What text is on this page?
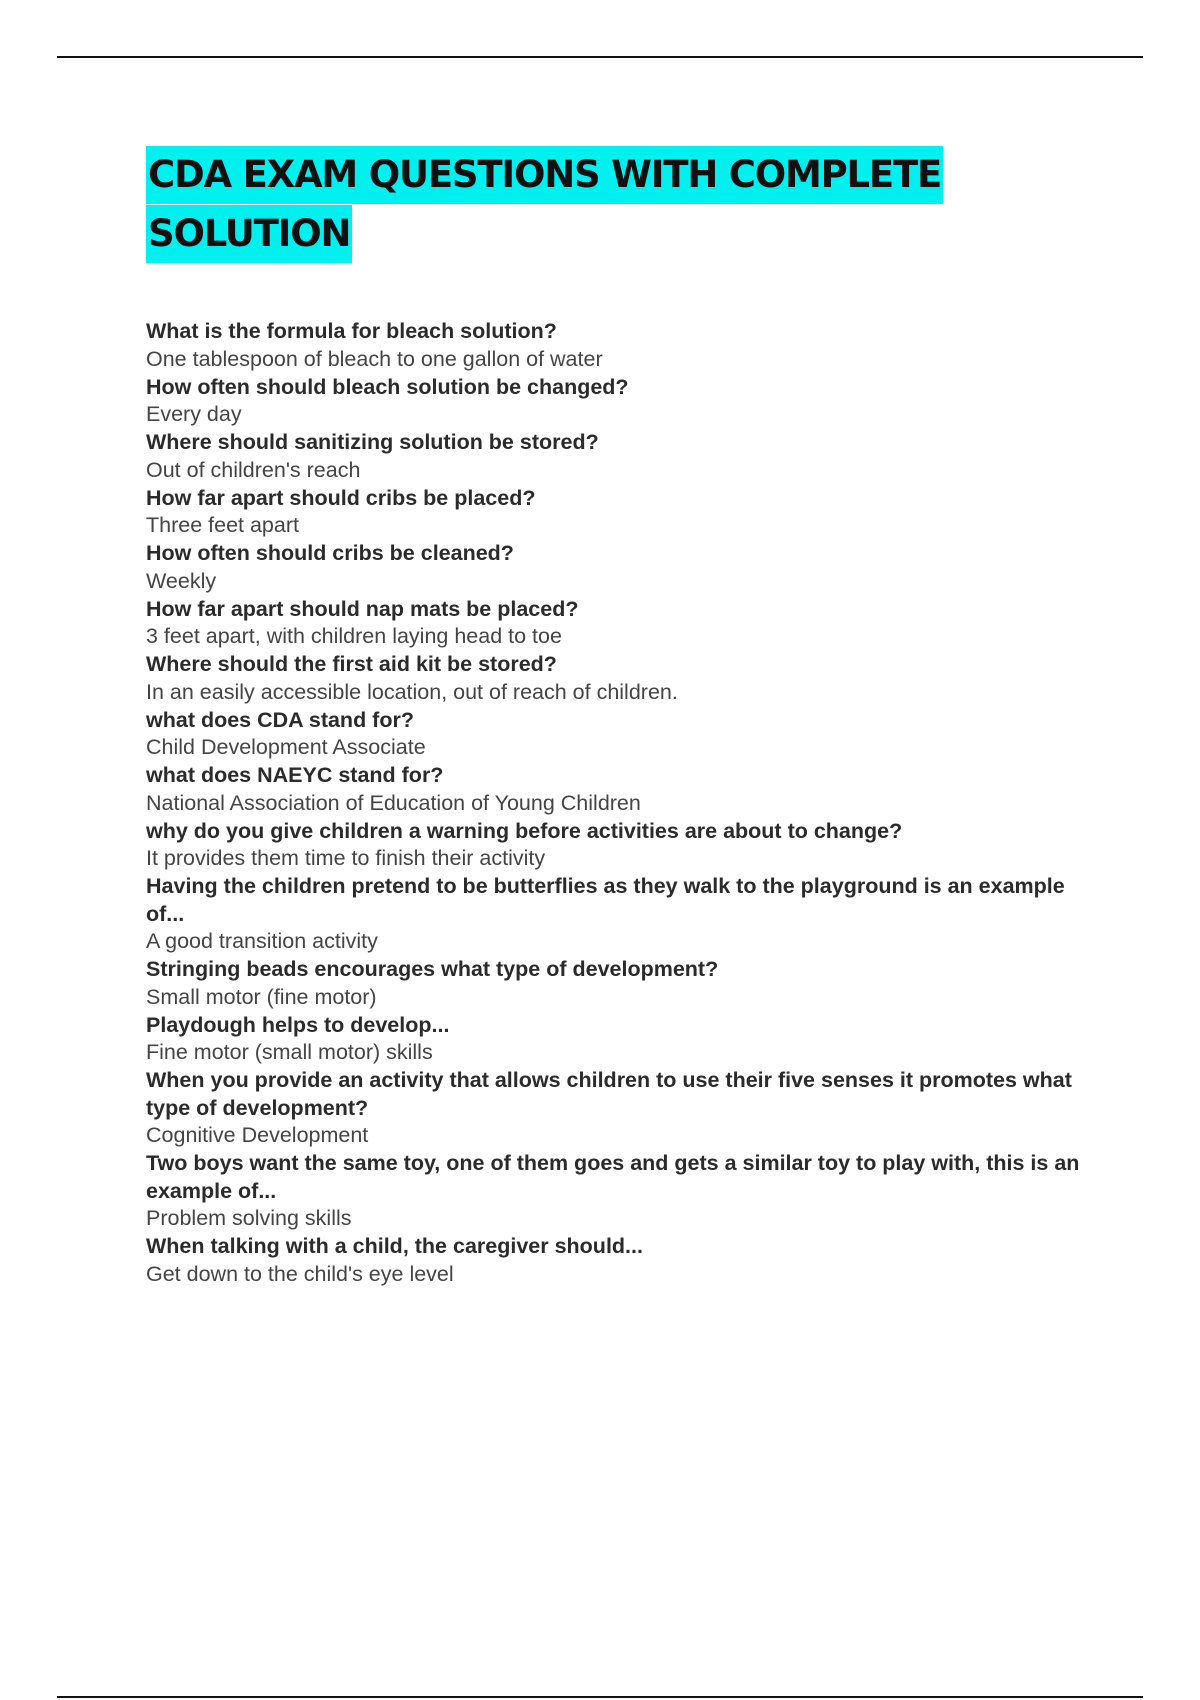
CDA EXAM QUESTIONS WITH COMPLETE
SOLUTION
What is the formula for bleach solution?
One tablespoon of bleach to one gallon of water
How often should bleach solution be changed?
Every day
Where should sanitizing solution be stored?
Out of children's reach
How far apart should cribs be placed?
Three feet apart
How often should cribs be cleaned?
Weekly
How far apart should nap mats be placed?
3 feet apart, with children laying head to toe
Where should the first aid kit be stored?
In an easily accessible location, out of reach of children.
what does CDA stand for?
Child Development Associate
what does NAEYC stand for?
National Association of Education of Young Children
why do you give children a warning before activities are about to change?
It provides them time to finish their activity
Having the children pretend to be butterflies as they walk to the playground is an example of...
A good transition activity
Stringing beads encourages what type of development?
Small motor (fine motor)
Playdough helps to develop...
Fine motor (small motor) skills
When you provide an activity that allows children to use their five senses it promotes what type of development?
Cognitive Development
Two boys want the same toy, one of them goes and gets a similar toy to play with, this is an example of...
Problem solving skills
When talking with a child, the caregiver should...
Get down to the child's eye level
